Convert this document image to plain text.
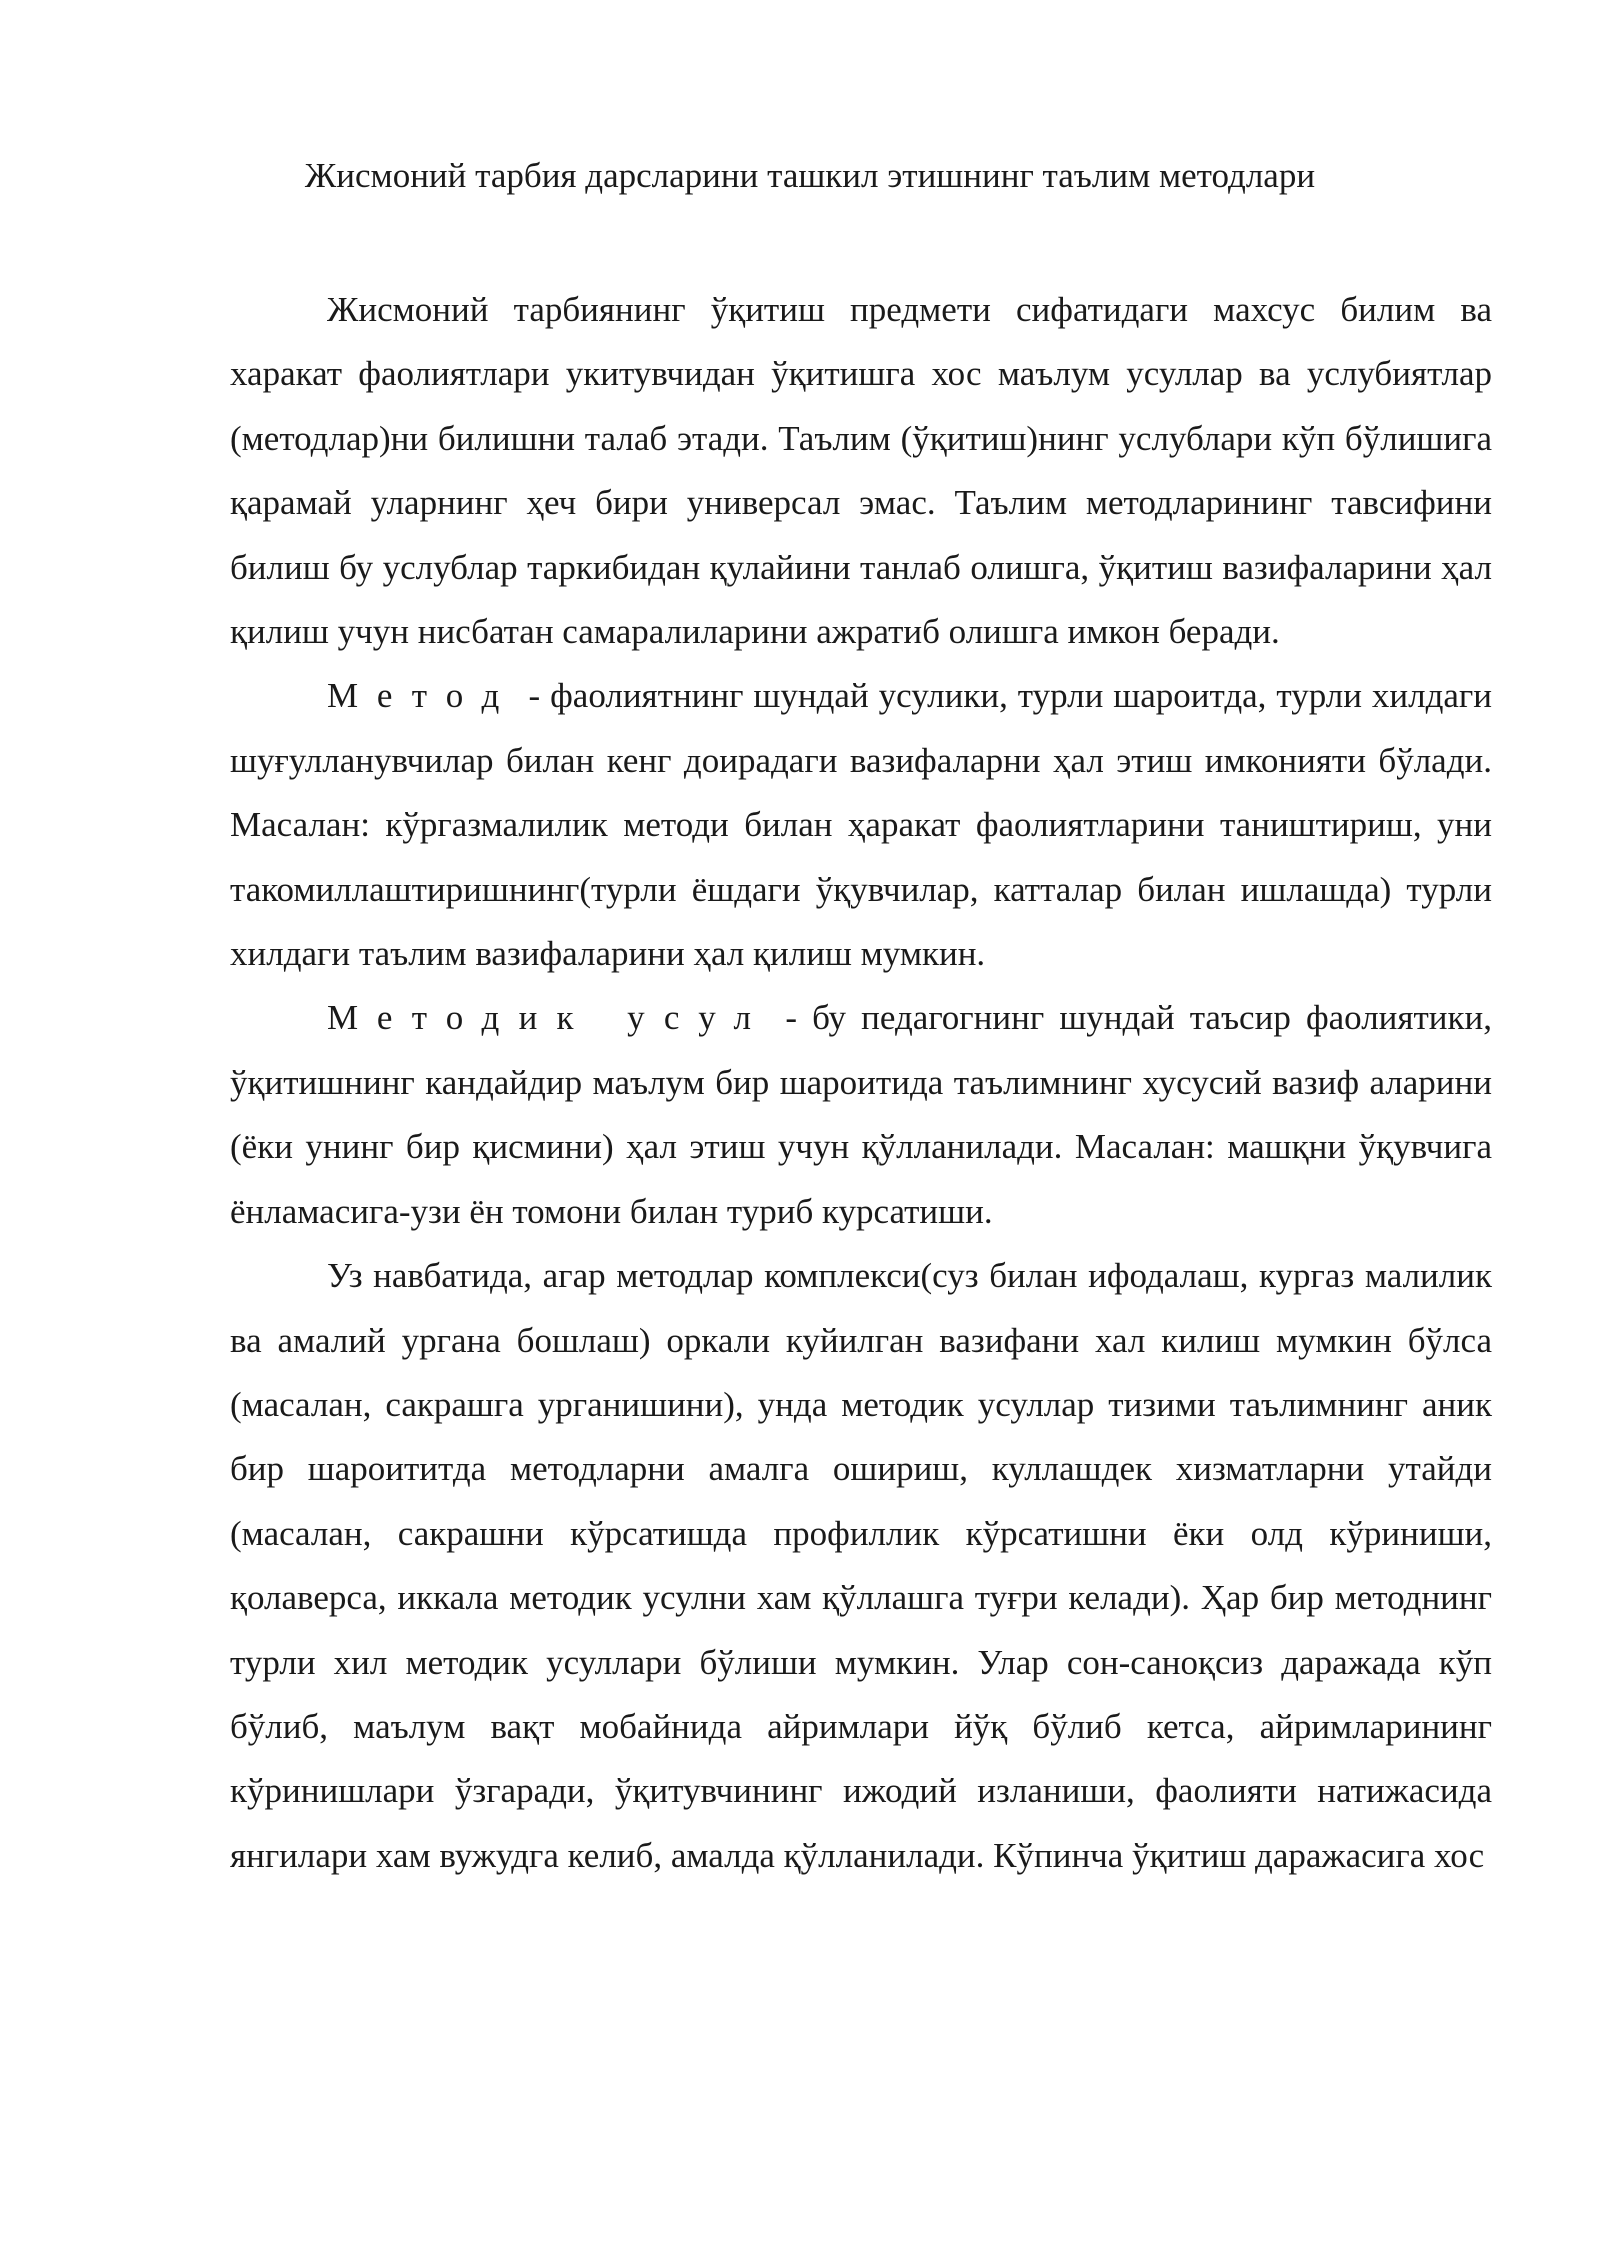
Жисмоний тарбия дарсларини ташкил этишнинг таълим методлари

Жисмоний тарбиянинг ўқитиш предмети сифатидаги махсус билим ва харакат фаолиятлари укитувчидан ўқитишга хос маълум усуллар ва услубиятлар (методлар)ни билишни талаб этади. Таълим (ўқитиш)нинг услублари кўп бўлишига қарамай уларнинг ҳеч бири универсал эмас. Таълим методларининг тавсифини билиш бу услублар таркибидан қулайини танлаб олишга, ўқитиш вазифаларини ҳал қилиш учун нисбатан самаралиларини ажратиб олишга имкон беради.

Метод - фаолиятнинг шундай усулики, турли шароитда, турли хилдаги шуғулланувчилар билан кенг доирадаги вазифаларни ҳал этиш имконияти бўлади. Масалан: кўргазмалилик методи билан ҳаракат фаолиятларини таништириш, уни такомиллаштиришнинг(турли ёшдаги ўқувчилар, катталар билан ишлашда) турли хилдаги таълим вазифаларини ҳал қилиш мумкин.

Методик усул - бу педагогнинг шундай таъсир фаолиятики, ўқитишнинг кандайдир маълум бир шароитида таълимнинг хусусий вазиф аларини (ёки унинг бир қисмини) ҳал этиш учун қўлланилади. Масалан: машқни ўқувчига ёнламасига-узи ён томони билан туриб курсатиши.

Уз навбатида, агар методлар комплекси(суз билан ифодалаш, кургаз малилик ва амалий ургана бошлаш) оркали куйилган вазифани хал килиш мумкин бўлса (масалан, сакрашга урганишини), унда методик усуллар тизими таълимнинг аник бир шароититда методларни амалга ошириш, куллашдек хизматларни утайди (масалан, сакрашни кўрсатишда профиллик кўрсатишни ёки олд кўриниши, қолаверса, иккала методик усулни хам қўллашга туғри келади). Ҳар бир методнинг турли хил методик усуллари бўлиши мумкин. Улар сон-саноқсиз даражада кўп бўлиб, маълум вақт мобайнида айримлари йўқ бўлиб кетса, айримларининг кўринишлари ўзгаради, ўқитувчининг ижодий изланиши, фаолияти натижасида янгилари хам вужудга келиб, амалда қўлланилади. Кўпинча ўқитиш даражасига хос
